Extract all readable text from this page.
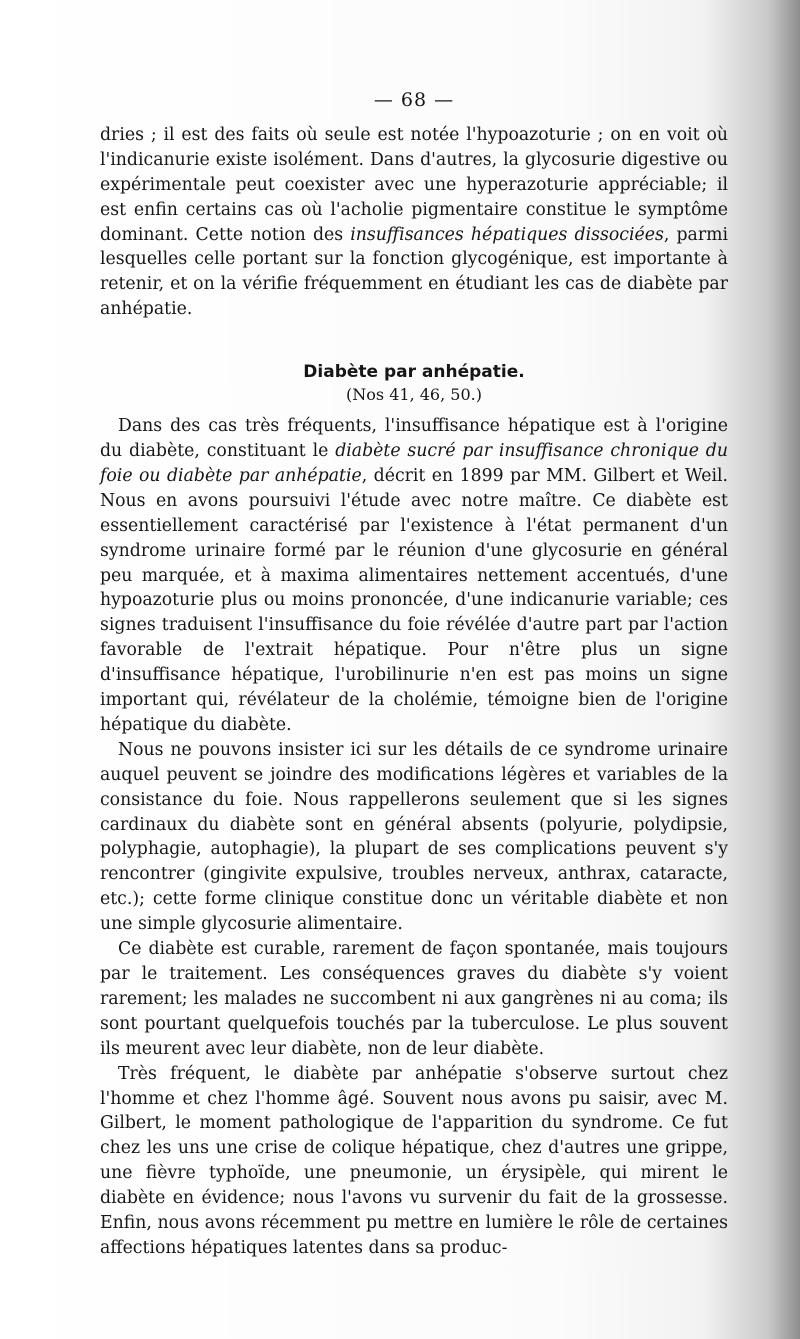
— 68 —

dries ; il est des faits où seule est notée l'hypoazoturie ; on en voit où l'indicanurie existe isolément. Dans d'autres, la glycosurie digestive ou expérimentale peut coexister avec une hyperazoturie appréciable; il est enfin certains cas où l'acholie pigmentaire constitue le symptôme dominant. Cette notion des insuffisances hépatiques dissociées, parmi lesquelles celle portant sur la fonction glycogénique, est importante à retenir, et on la vérifie fréquemment en étudiant les cas de diabète par anhépatie.

Diabète par anhépatie.
(Nos 41, 46, 50.)

Dans des cas très fréquents, l'insuffisance hépatique est à l'origine du diabète, constituant le diabète sucré par insuffisance chronique du foie ou diabète par anhépatie, décrit en 1899 par MM. Gilbert et Weil. Nous en avons poursuivi l'étude avec notre maître. Ce diabète est essentiellement caractérisé par l'existence à l'état permanent d'un syndrome urinaire formé par le réunion d'une glycosurie en général peu marquée, et à maxima alimentaires nettement accentués, d'une hypoazoturie plus ou moins prononcée, d'une indicanurie variable; ces signes traduisent l'insuffisance du foie révélée d'autre part par l'action favorable de l'extrait hépatique. Pour n'être plus un signe d'insuffisance hépatique, l'urobilinurie n'en est pas moins un signe important qui, révélateur de la cholémie, témoigne bien de l'origine hépatique du diabète.

Nous ne pouvons insister ici sur les détails de ce syndrome urinaire auquel peuvent se joindre des modifications légères et variables de la consistance du foie. Nous rappellerons seulement que si les signes cardinaux du diabète sont en général absents (polyurie, polydipsie, polyphagie, autophagie), la plupart de ses complications peuvent s'y rencontrer (gingivite expulsive, troubles nerveux, anthrax, cataracte, etc.); cette forme clinique constitue donc un véritable diabète et non une simple glycosurie alimentaire.

Ce diabète est curable, rarement de façon spontanée, mais toujours par le traitement. Les conséquences graves du diabète s'y voient rarement; les malades ne succombent ni aux gangrènes ni au coma; ils sont pourtant quelquefois touchés par la tuberculose. Le plus souvent ils meurent avec leur diabète, non de leur diabète.

Très fréquent, le diabète par anhépatie s'observe surtout chez l'homme et chez l'homme âgé. Souvent nous avons pu saisir, avec M. Gilbert, le moment pathologique de l'apparition du syndrome. Ce fut chez les uns une crise de colique hépatique, chez d'autres une grippe, une fièvre typhoïde, une pneumonie, un érysipèle, qui mirent le diabète en évidence; nous l'avons vu survenir du fait de la grossesse. Enfin, nous avons récemment pu mettre en lumière le rôle de certaines affections hépatiques latentes dans sa produc-
